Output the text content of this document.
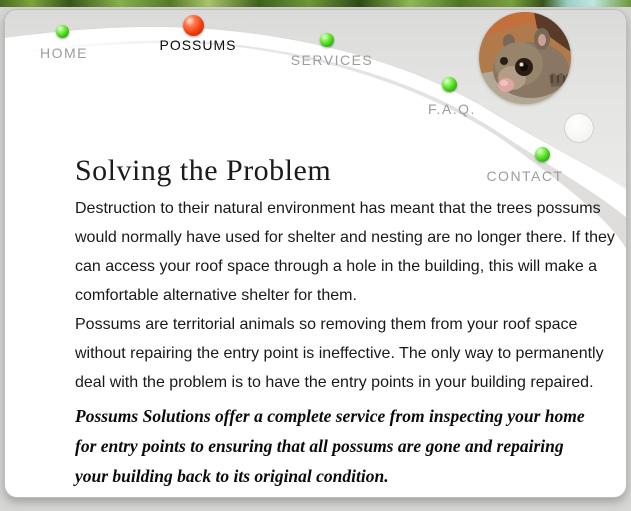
HOME	POSSUMS
SERVICES
F.A.Q.
CONTACT
Solving the Problem
Destruction to their natural environment has meant that the trees possums
would normally have used for shelter and nesting are no longer there. If they
can access your roof space through a hole in the building, this will make a
comfortable alternative shelter for them.
Possums are territorial animals so removing them from your roof space
without repairing the entry point is ineffective. The only way to permanently
deal with the problem is to have the entry points in your building repaired.
Possums Solutions offer a complete service from inspecting your home
for entry points to ensuring that all possums are gone and repairing
your building back to its original condition.
